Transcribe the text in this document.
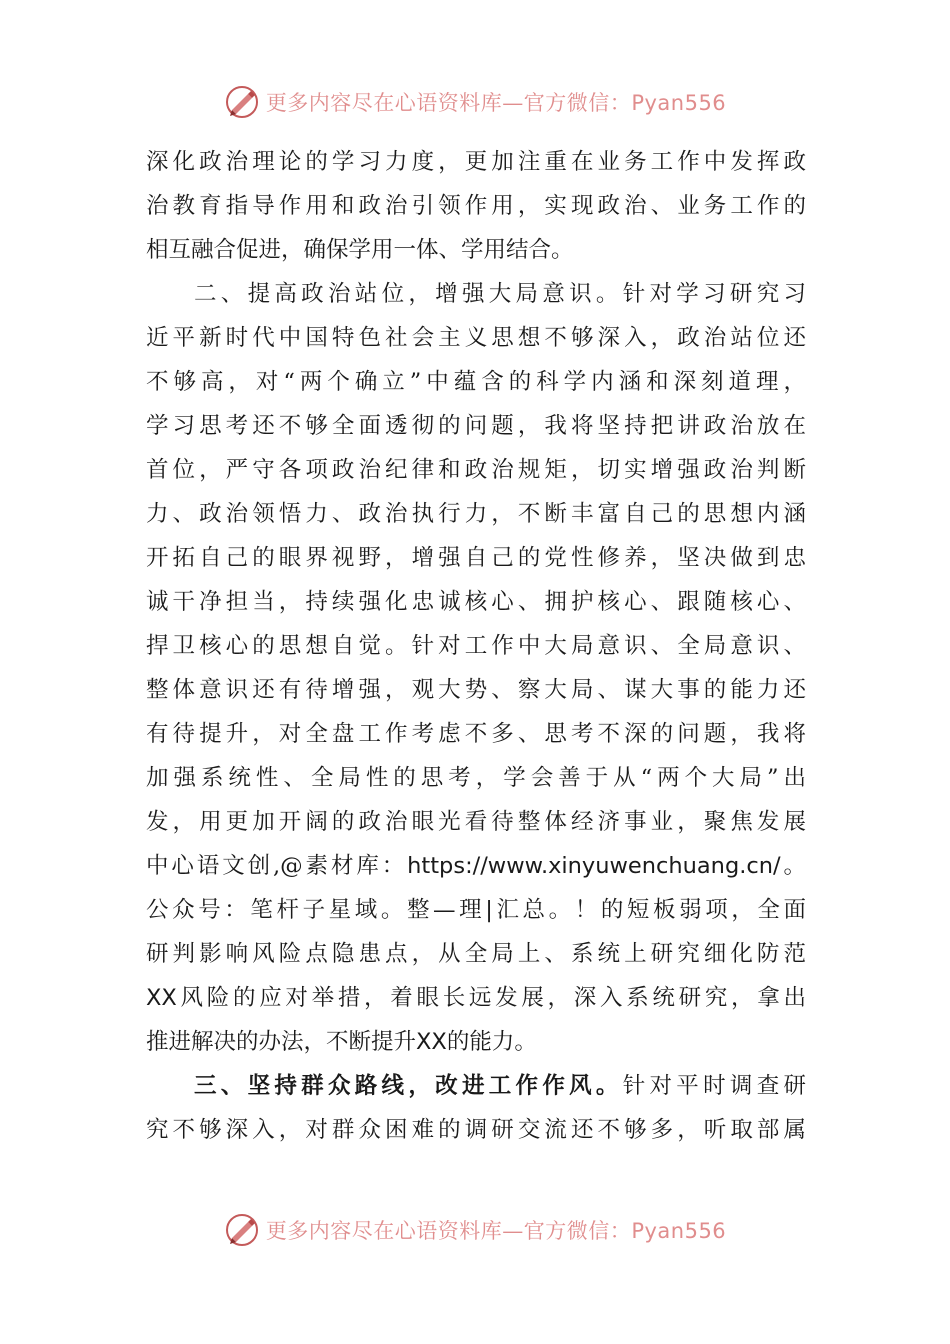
更多内容尽在心语资料库—官方微信：Pyan556
深化政治理论的学习力度，更加注重在业务工作中发挥政
治教育指导作用和政治引领作用，实现政治、业务工作的
相互融合促进，确保学用一体、学用结合。
二、提高政治站位，增强大局意识。针对学习研究习
近平新时代中国特色社会主义思想不够深入，政治站位还
不够高，对“两个确立”中蕴含的科学内涵和深刻道理，
学习思考还不够全面透彻的问题，我将坚持把讲政治放在
首位，严守各项政治纪律和政治规矩，切实增强政治判断
力、政治领悟力、政治执行力，不断丰富自己的思想内涵
开拓自己的眼界视野，增强自己的党性修养，坚决做到忠
诚干净担当，持续强化忠诚核心、拥护核心、跟随核心、
捍卫核心的思想自觉。针对工作中大局意识、全局意识、
整体意识还有待增强，观大势、察大局、谋大事的能力还
有待提升，对全盘工作考虑不多、思考不深的问题，我将
加强系统性、全局性的思考，学会善于从“两个大局”出
发，用更加开阔的政治眼光看待整体经济事业，聚焦发展
中心语文创,@素材库：https://www.xinyuwenchuang.cn/。
公众号：笔杆子星域。整—理|汇总。！的短板弱项，全面
研判影响风险点隐患点，从全局上、系统上研究细化防范
XX风险的应对举措，着眼长远发展，深入系统研究，拿出
推进解决的办法，不断提升XX的能力。
三、坚持群众路线，改进工作作风。针对平时调查研
究不够深入，对群众困难的调研交流还不够多，听取部属
更多内容尽在心语资料库—官方微信：Pyan556
